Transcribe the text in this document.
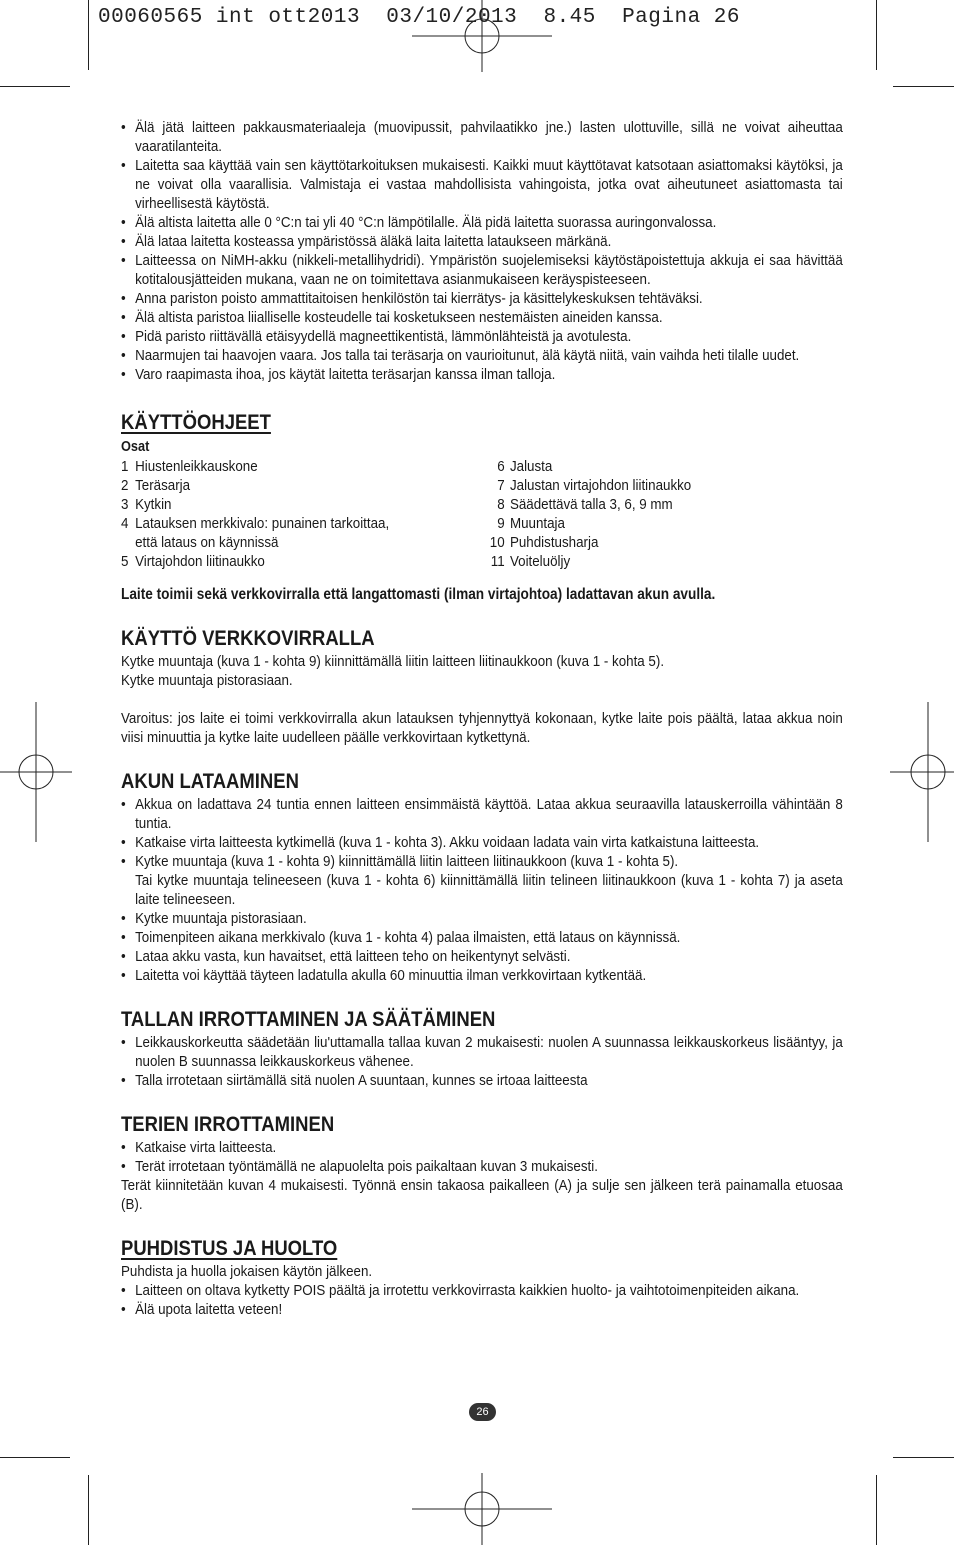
00060565 int ott2013  03/10/2013  8.45  Pagina 26
• Älä jätä laitteen pakkausmateriaaleja (muovipussit, pahvilaatikko jne.) lasten ulottuville, sillä ne voivat aiheuttaa vaaratilanteita.
• Laitetta saa käyttää vain sen käyttötarkoituksen mukaisesti. Kaikki muut käyttötavat katsotaan asiattomaksi käytöksi, ja ne voivat olla vaarallisia. Valmistaja ei vastaa mahdollisista vahingoista, jotka ovat aiheutuneet asiattomasta tai virheellisestä käytöstä.
• Älä altista laitetta alle 0 °C:n tai yli 40 °C:n lämpötilalle. Älä pidä laitetta suorassa auringonvalossa.
• Älä lataa laitetta kosteassa ympäristössä äläkä laita laitetta lataukseen märkänä.
• Laitteessa on NiMH-akku (nikkeli-metallihydridi). Ympäristön suojelemiseksi käytöstäpoistettuja akkuja ei saa hävittää kotitalousjätteiden mukana, vaan ne on toimitettava asianmukaiseen keräyspisteeseen.
• Anna pariston poisto ammattitaitoisen henkilöstön tai kierrätys- ja käsittelykeskuksen tehtäväksi.
• Älä altista paristoa liialliselle kosteudelle tai kosketukseen nestemäisten aineiden kanssa.
• Pidä paristo riittävällä etäisyydellä magneettikentistä, lämmönlähteistä ja avotulesta.
• Naarmujen tai haavojen vaara. Jos talla tai teräsarja on vaurioitunut, älä käytä niitä, vain vaihda heti tilalle uudet.
• Varo raapimasta ihoa, jos käytät laitetta teräsarjan kanssa ilman talloja.
KÄYTTÖOHJEET
Osat
1 Hiustenleikkauskone
2 Teräsarja
3 Kytkin
4 Latauksen merkkivalo: punainen tarkoittaa,
että lataus on käynnissä
5 Virtajohdon liitinaukko
6 Jalusta
7 Jalustan virtajohdon liitinaukko
8 Säädettävä talla 3, 6, 9 mm
9 Muuntaja
10 Puhdistusharja
11 Voiteluöljy

Laite toimii sekä verkkovirralla että langattomasti (ilman virtajohtoa) ladattavan akun avulla.

KÄYTTÖ VERKKOVIRRALLA

Kytke muuntaja (kuva 1 - kohta 9) kiinnittämällä liitin laitteen liitinaukkoon (kuva 1 - kohta 5).

Kytke muuntaja pistorasiaan.

Varoitus: jos laite ei toimi verkkovirralla akun latauksen tyhjennyttyä kokonaan, kytke laite pois päältä, lataa akkua noin viisi minuuttia ja kytke laite uudelleen päälle verkkovirtaan kytkettynä.

AKUN LATAAMINEN
• Akkua on ladattava 24 tuntia ennen laitteen ensimmäistä käyttöä. Lataa akkua seuraavilla latauskerroilla vähintään 8 tuntia.
• Katkaise virta laitteesta kytkimellä (kuva 1 - kohta 3). Akku voidaan ladata vain virta katkaistuna laitteesta.
• Kytke muuntaja (kuva 1 - kohta 9) kiinnittämällä liitin laitteen liitinaukkoon (kuva 1 - kohta 5).
Tai kytke muuntaja telineeseen (kuva 1 - kohta 6) kiinnittämällä liitin telineen liitinaukkoon (kuva 1 - kohta 7) ja aseta laite telineeseen.
• Kytke muuntaja pistorasiaan.
• Toimenpiteen aikana merkkivalo (kuva 1 - kohta 4) palaa ilmaisten, että lataus on käynnissä.
• Lataa akku vasta, kun havaitset, että laitteen teho on heikentynyt selvästi.
• Laitetta voi käyttää täyteen ladatulla akulla 60 minuuttia ilman verkkovirtaan kytkentää.
TALLAN IRROTTAMINEN JA SÄÄTÄMINEN
• Leikkauskorkeutta säädetään liu'uttamalla tallaa kuvan 2 mukaisesti: nuolen A suunnassa leikkauskorkeus lisääntyy, ja nuolen B suunnassa leikkauskorkeus vähenee.
• Talla irrotetaan siirtämällä sitä nuolen A suuntaan, kunnes se irtoaa laitteesta
TERIEN IRROTTAMINEN
• Katkaise virta laitteesta.
• Terät irrotetaan työntämällä ne alapuolelta pois paikaltaan kuvan 3 mukaisesti.

Terät kiinnitetään kuvan 4 mukaisesti. Työnnä ensin takaosa paikalleen (A) ja sulje sen jälkeen terä painamalla etuosaa (B).

PUHDISTUS JA HUOLTO

Puhdista ja huolla jokaisen käytön jälkeen.

• Laitteen on oltava kytketty POIS päältä ja irrotettu verkkovirrasta kaikkien huolto- ja vaihtotoimenpiteiden aikana.
• Älä upota laitetta veteen!
26
